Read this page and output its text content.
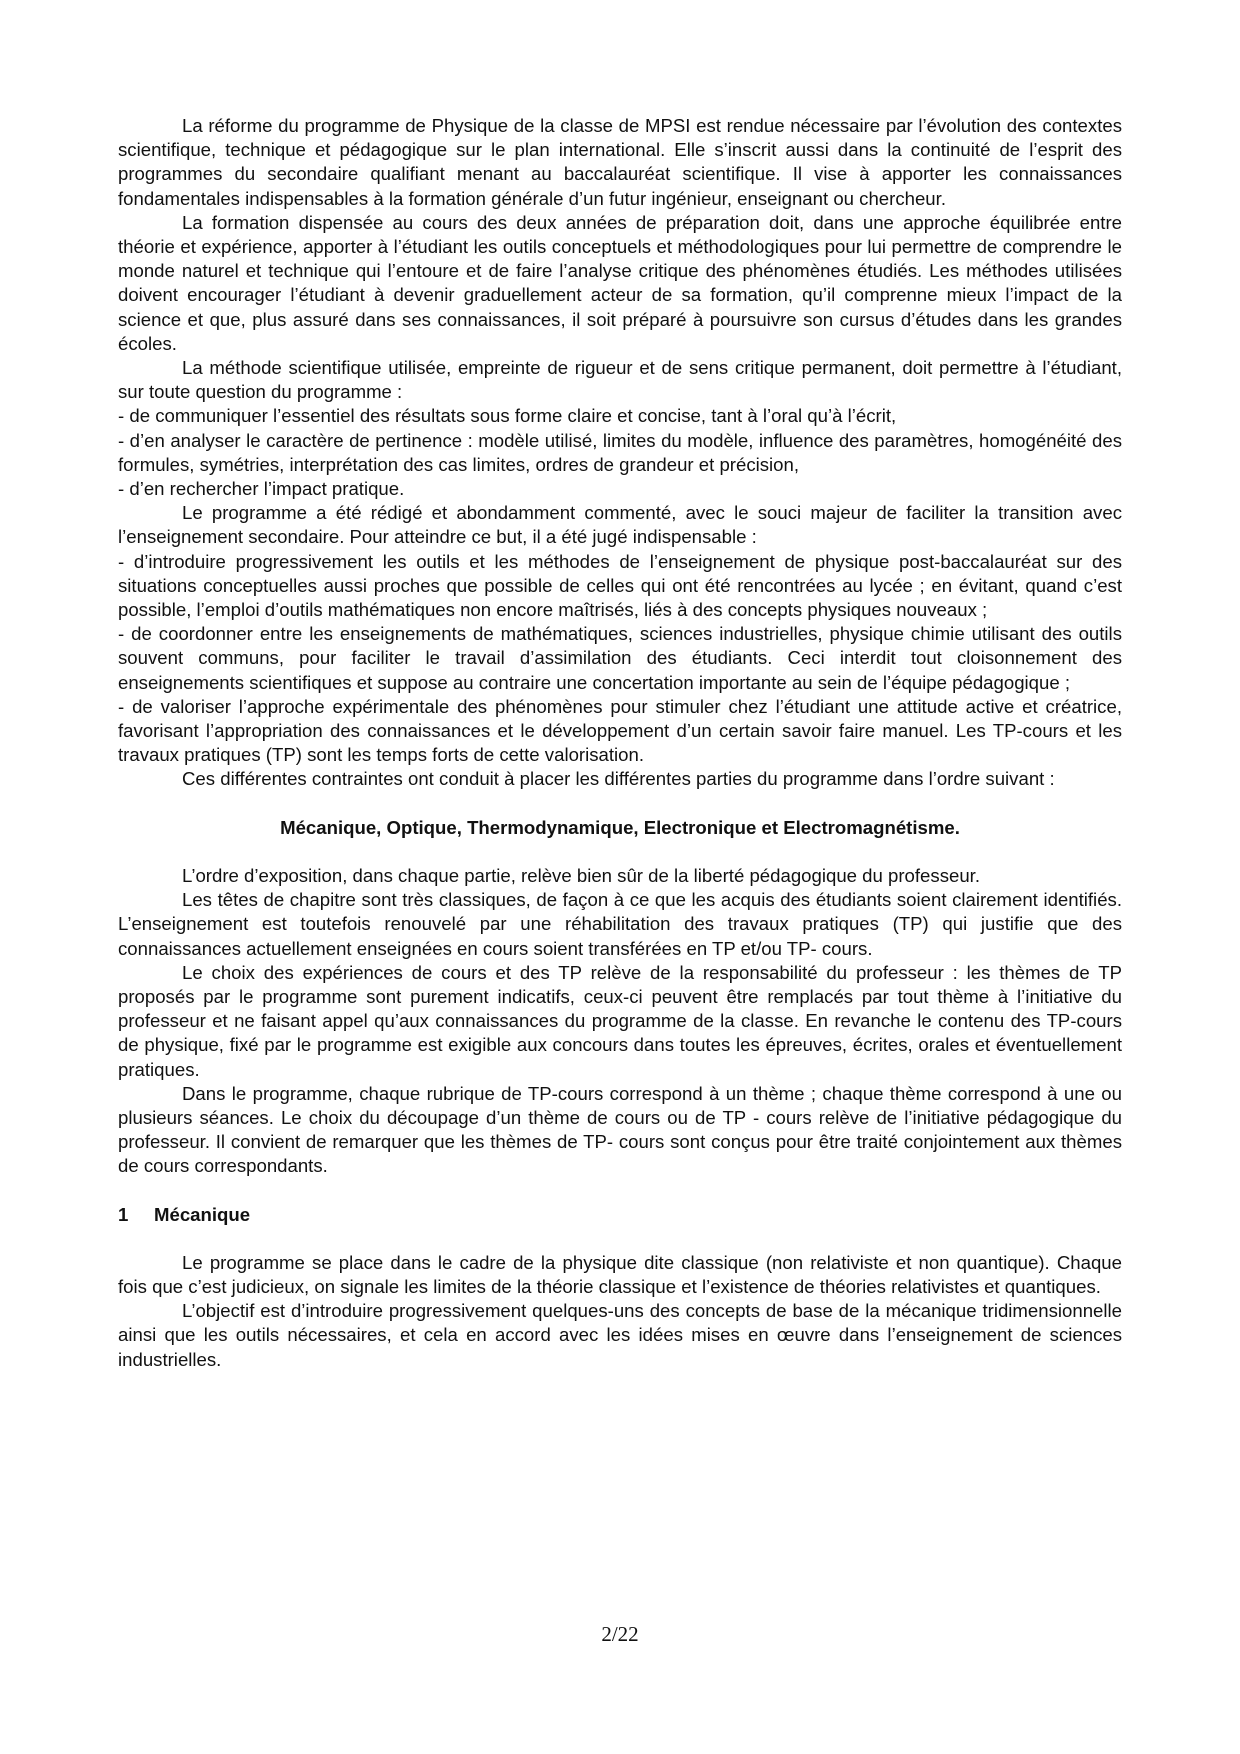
La réforme du programme de Physique de la classe de MPSI est rendue nécessaire par l’évolution des contextes scientifique, technique et pédagogique sur le plan international. Elle s’inscrit aussi dans la continuité de l’esprit des programmes du secondaire qualifiant menant au baccalauréat scientifique. Il vise à apporter les connaissances fondamentales indispensables à la formation générale d’un futur ingénieur, enseignant ou chercheur.

La formation dispensée au cours des deux années de préparation doit, dans une approche équilibrée entre théorie et expérience, apporter à l’étudiant les outils conceptuels et méthodologiques pour lui permettre de comprendre le monde naturel et technique qui l’entoure et de faire l’analyse critique des phénomènes étudiés. Les méthodes utilisées doivent encourager l’étudiant à devenir graduellement acteur de sa formation, qu’il comprenne mieux l’impact de la science et que, plus assuré dans ses connaissances, il soit préparé à poursuivre son cursus d’études dans les grandes écoles.

La méthode scientifique utilisée, empreinte de rigueur et de sens critique permanent, doit permettre à l’étudiant, sur toute question du programme :

- de communiquer l’essentiel des résultats sous forme claire et concise, tant à l’oral qu’à l’écrit,

- d’en analyser le caractère de pertinence : modèle utilisé, limites du modèle, influence des paramètres, homogénéité des formules, symétries, interprétation des cas limites, ordres de grandeur et précision,

- d’en rechercher l’impact pratique.

Le programme a été rédigé et abondamment commenté, avec le souci majeur de faciliter la transition avec l’enseignement secondaire. Pour atteindre ce but, il a été jugé indispensable :

- d’introduire progressivement les outils et les méthodes de l’enseignement de physique post-baccalauréat sur des situations conceptuelles aussi proches que possible de celles qui ont été rencontrées au lycée ; en évitant, quand c’est possible, l’emploi d’outils mathématiques non encore maîtrisés, liés à des concepts physiques nouveaux ;

- de coordonner entre les enseignements de mathématiques, sciences industrielles, physique chimie utilisant des outils souvent communs, pour faciliter le travail d’assimilation des étudiants. Ceci interdit tout cloisonnement des enseignements scientifiques et suppose au contraire une concertation importante au sein de l’équipe pédagogique ;

- de valoriser l’approche expérimentale des phénomènes pour stimuler chez l’étudiant une attitude active et créatrice, favorisant l’appropriation des connaissances et le développement d’un certain savoir faire manuel. Les TP-cours et les travaux pratiques (TP) sont les temps forts de cette valorisation.

Ces différentes contraintes ont conduit à placer les différentes parties du programme dans l’ordre suivant :

Mécanique, Optique, Thermodynamique, Electronique et Electromagnétisme.

L’ordre d’exposition, dans chaque partie, relève bien sûr de la liberté pédagogique du professeur.

Les têtes de chapitre sont très classiques, de façon à ce que les acquis des étudiants soient clairement identifiés. L’enseignement est toutefois renouvelé par une réhabilitation des travaux pratiques (TP) qui justifie que des connaissances actuellement enseignées en cours soient transférées en TP et/ou TP- cours.

Le choix des expériences de cours et des TP relève de la responsabilité du professeur : les thèmes de TP proposés par le programme sont purement indicatifs, ceux-ci peuvent être remplacés par tout thème à l’initiative du professeur et ne faisant appel qu’aux connaissances du programme de la classe. En revanche le contenu des TP-cours de physique, fixé par le programme est exigible aux concours dans toutes les épreuves, écrites, orales et éventuellement pratiques.

Dans le programme, chaque rubrique de TP-cours correspond à un thème ; chaque thème correspond à une ou plusieurs séances. Le choix du découpage d’un thème de cours ou de TP - cours relève de l’initiative pédagogique du professeur. Il convient de remarquer que les thèmes de TP- cours sont conçus pour être traité conjointement aux thèmes de cours correspondants.

1 Mécanique

Le programme se place dans le cadre de la physique dite classique (non relativiste et non quantique). Chaque fois que c’est judicieux, on signale les limites de la théorie classique et l’existence de théories relativistes et quantiques.

L’objectif est d’introduire progressivement quelques-uns des concepts de base de la mécanique tridimensionnelle ainsi que les outils nécessaires, et cela en accord avec les idées mises en œuvre dans l’enseignement de sciences industrielles.

2/22
